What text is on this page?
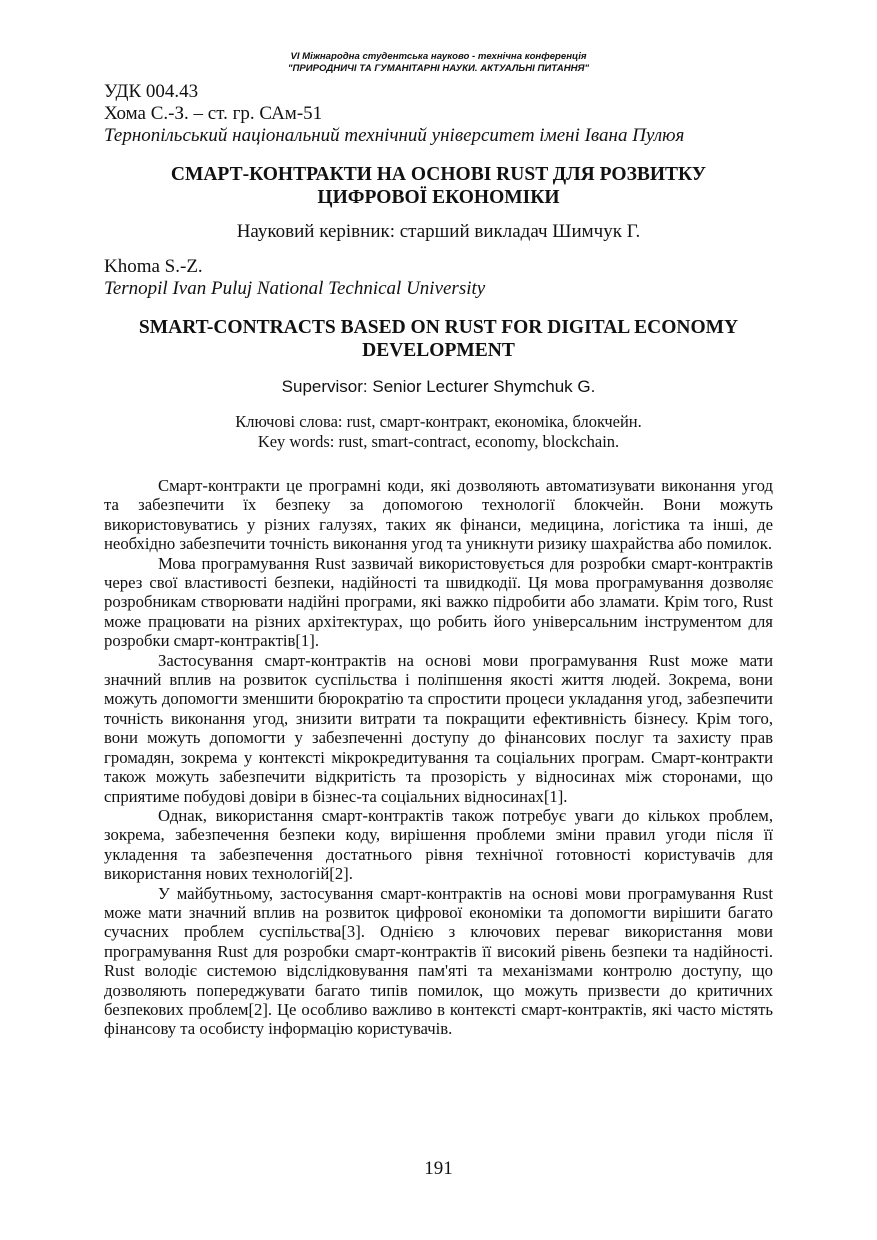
VI Міжнародна студентська науково - технічна конференція
"ПРИРОДНИЧІ ТА ГУМАНІТАРНІ НАУКИ. АКТУАЛЬНІ ПИТАННЯ"
УДК 004.43
Хома С.-З. – ст. гр. САм-51
Тернопільський національний технічний університет імені Івана Пулюя
СМАРТ-КОНТРАКТИ НА ОСНОВІ RUST ДЛЯ РОЗВИТКУ
ЦИФРОВОЇ ЕКОНОМІКИ
Науковий керівник: старший викладач Шимчук Г.
Khoma S.-Z.
Ternopil Ivan Puluj National Technical University
SMART-CONTRACTS BASED ON RUST FOR DIGITAL ECONOMY
DEVELOPMENT
Supervisor: Senior Lecturer Shymchuk G.
Ключові слова: rust, смарт-контракт, економіка, блокчейн.
Key words: rust, smart-contract, economy, blockchain.

Смарт-контракти це програмні коди, які дозволяють автоматизувати виконання угод та забезпечити їх безпеку за допомогою технології блокчейн. Вони можуть використовуватись у різних галузях, таких як фінанси, медицина, логістика та інші, де необхідно забезпечити точність виконання угод та уникнути ризику шахрайства або помилок.

Мова програмування Rust зазвичай використовується для розробки смарт-контрактів через свої властивості безпеки, надійності та швидкодії. Ця мова програмування дозволяє розробникам створювати надійні програми, які важко підробити або зламати. Крім того, Rust може працювати на різних архітектурах, що робить його універсальним інструментом для розробки смарт-контрактів[1].

Застосування смарт-контрактів на основі мови програмування Rust може мати значний вплив на розвиток суспільства і поліпшення якості життя людей. Зокрема, вони можуть допомогти зменшити бюрократію та спростити процеси укладання угод, забезпечити точність виконання угод, знизити витрати та покращити ефективність бізнесу. Крім того, вони можуть допомогти у забезпеченні доступу до фінансових послуг та захисту прав громадян, зокрема у контексті мікрокредитування та соціальних програм. Смарт-контракти також можуть забезпечити відкритість та прозорість у відносинах між сторонами, що сприятиме побудові довіри в бізнес-та соціальних відносинах[1].

Однак, використання смарт-контрактів також потребує уваги до кількох проблем, зокрема, забезпечення безпеки коду, вирішення проблеми зміни правил угоди після її укладення та забезпечення достатнього рівня технічної готовності користувачів для використання нових технологій[2].

У майбутньому, застосування смарт-контрактів на основі мови програмування Rust може мати значний вплив на розвиток цифрової економіки та допомогти вирішити багато сучасних проблем суспільства[3]. Однією з ключових переваг використання мови програмування Rust для розробки смарт-контрактів її високий рівень безпеки та надійності. Rust володіє системою відслідковування пам'яті та механізмами контролю доступу, що дозволяють попереджувати багато типів помилок, що можуть призвести до критичних безпекових проблем[2]. Це особливо важливо в контексті смарт-контрактів, які часто містять фінансову та особисту інформацію користувачів.

191
